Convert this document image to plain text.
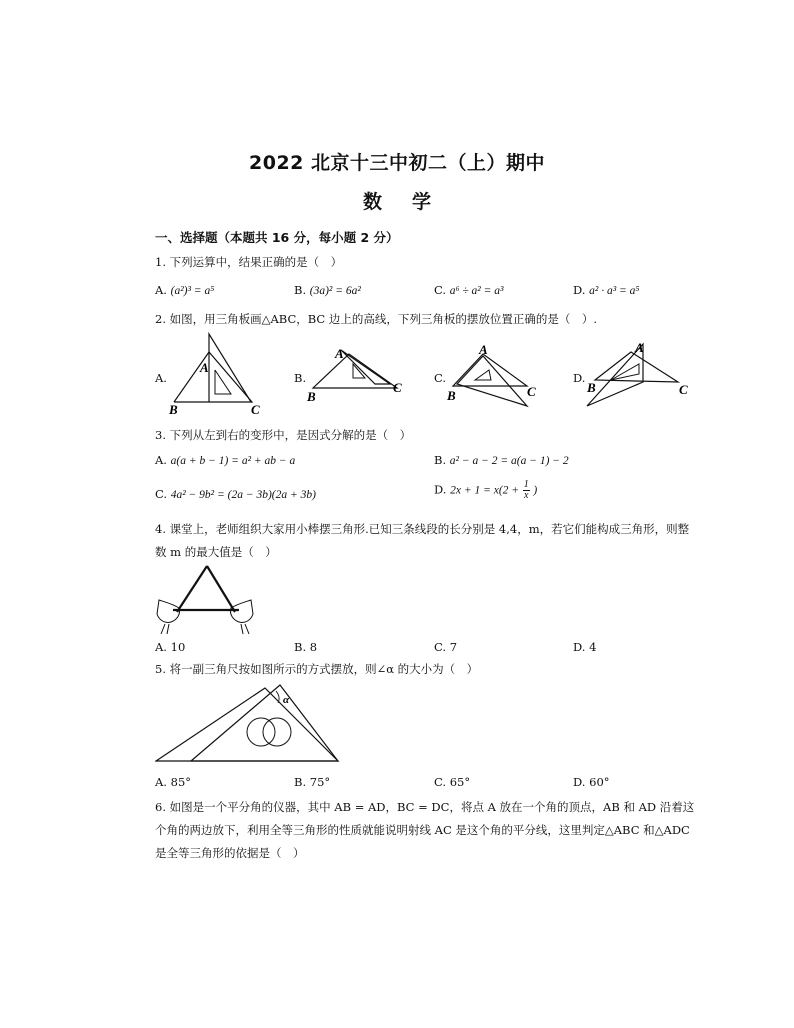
2022 北京十三中初二（上）期中
数学
一、选择题（本题共 16 分，每小题 2 分）
1. 下列运算中，结果正确的是（　）
A. (a²)³ = a⁵	B. (3a)² = 6a²	C. a⁶ ÷ a² = a³	D. a² · a³ = a⁵
2. 如图，用三角板画△ABC，BC 边上的高线，下列三角板的摆放位置正确的是（　）.
A.	B.	C.	D.
A
B	C
A
B
C
A
B	C
A
B	C
3. 下列从左到右的变形中，是因式分解的是（　）
A. a(a + b − 1) = a² + ab − a	B. a² − a − 2 = a(a − 1) − 2
C. 4a² − 9b² = (2a − 3b)(2a + 3b)	D. $2x + 1 = x(2 + \frac{1}{x}$ )
4. 课堂上，老师组织大家用小棒摆三角形.已知三条线段的长分别是 4,4，m，若它们能构成三角形，则整
数 m 的最大值是（　）
A. 10	B. 8	C. 7	D. 4
5. 将一副三角尺按如图所示的方式摆放，则∠α 的大小为（　）
α
A. 85°	B. 75°	C. 65°	D. 60°
6. 如图是一个平分角的仪器，其中 AB = AD，BC = DC，将点 A 放在一个角的顶点，AB 和 AD 沿着这
个角的两边放下，利用全等三角形的性质就能说明射线 AC 是这个角的平分线，这里判定△ABC 和△ADC
是全等三角形的依据是（　）
